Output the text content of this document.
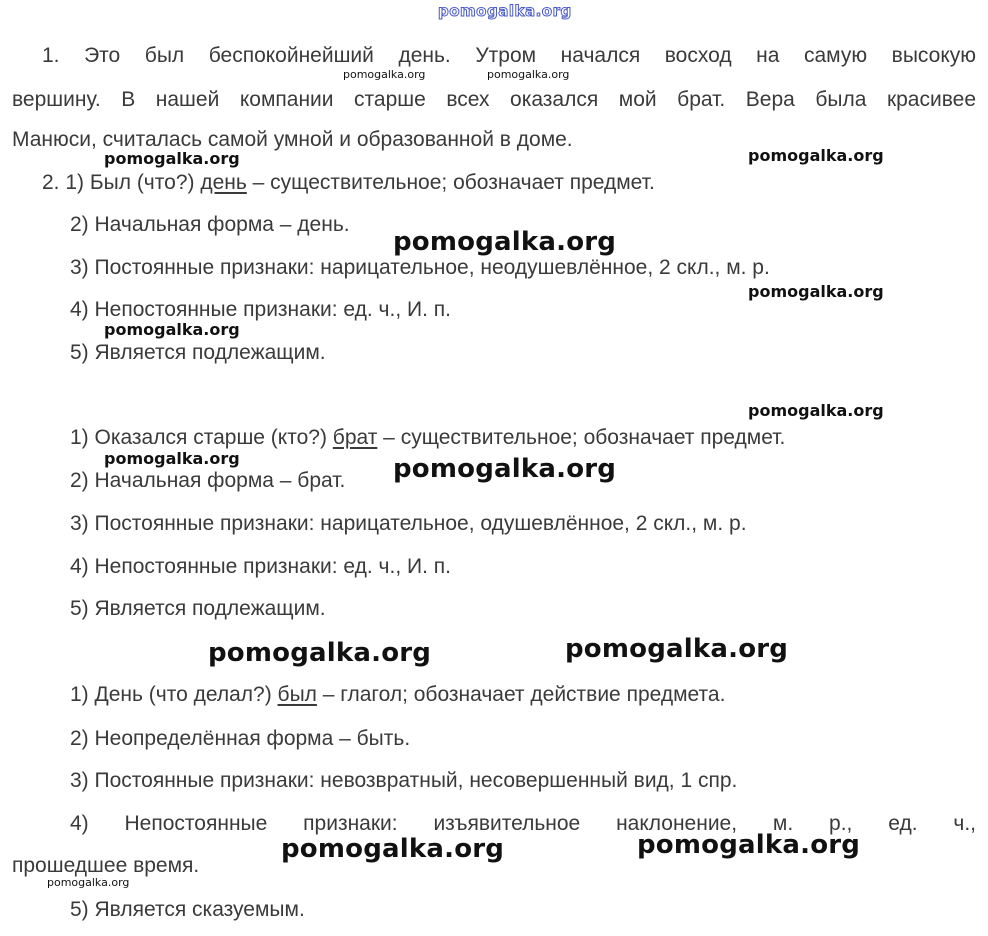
pomogalka.org
1. Это был беспокойнейший день. Утром начался восход на самую высокую
вершину. В нашей компании старше всех оказался мой брат. Вера была красивее
Манюси, считалась самой умной и образованной в доме.
2. 1) Был (что?) день – существительное; обозначает предмет.
2) Начальная форма – день.
3) Постоянные признаки: нарицательное, неодушевлённое, 2 скл., м. р.
4) Непостоянные признаки: ед. ч., И. п.
5) Является подлежащим.
1) Оказался старше (кто?) брат – существительное; обозначает предмет.
2) Начальная форма – брат.
3) Постоянные признаки: нарицательное, одушевлённое, 2 скл., м. р.
4) Непостоянные признаки: ед. ч., И. п.
5) Является подлежащим.
1) День (что делал?) был – глагол; обозначает действие предмета.
2) Неопределённая форма – быть.
3) Постоянные признаки: невозвратный, несовершенный вид, 1 спр.
4) Непостоянные признаки: изъявительное наклонение, м. р., ед. ч.,
прошедшее время.
5) Является сказуемым.
pomogalka.org	pomogalka.org
pomogalka.org	pomogalka.org
pomogalka.org
pomogalka.org
pomogalka.org
pomogalka.org
pomogalka.org	pomogalka.org
pomogalka.org	pomogalka.org
pomogalka.org	pomogalka.org
pomogalka.org
